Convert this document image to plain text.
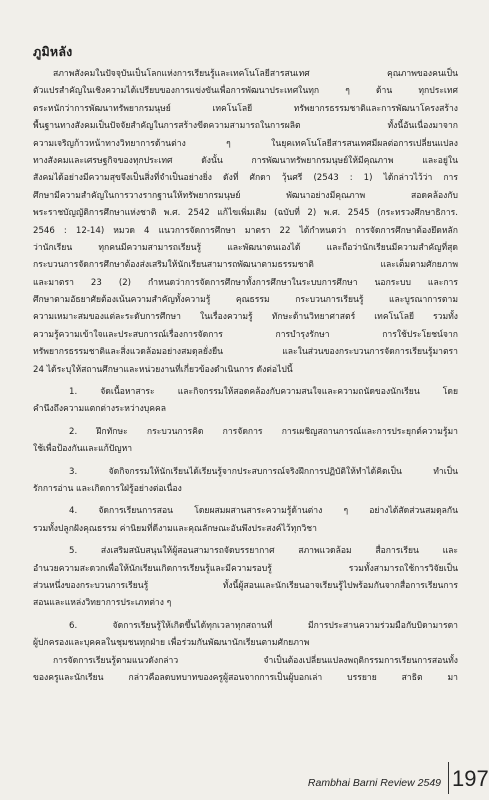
ภูมิหลัง
สภาพสังคมในปัจจุบันเป็นโลกแห่งการเรียนรู้และเทคโนโลยีสารสนเทศ คุณภาพของคนเป็น
ตัวแปรสำคัญในเชิงความได้เปรียบของการแข่งขันเพื่อการพัฒนาประเทศในทุก ๆ ด้าน ทุกประเทศ
ตระหนักว่าการพัฒนาทรัพยากรมนุษย์ เทคโนโลยี ทรัพยากรธรรมชาติและการพัฒนาโครงสร้าง
พื้นฐานทางสังคมเป็นปัจจัยสำคัญในการสร้างขีดความสามารถในการผลิต ทั้งนี้อันเนื่องมาจาก
ความเจริญก้าวหน้าทางวิทยาการด้านต่าง ๆ ในยุคเทคโนโลยีสารสนเทศมีผลต่อการเปลี่ยนแปลง
ทางสังคมและเศรษฐกิจของทุกประเทศ ดังนั้น การพัฒนาทรัพยากรมนุษย์ให้มีคุณภาพ และอยู่ใน
สังคมได้อย่างมีความสุขจึงเป็นสิ่งที่จำเป็นอย่างยิ่ง ดังที่ ศักดา วุ้นศรี (2543 : 1) ได้กล่าวไว้ว่า การ
ศึกษามีความสำคัญในการวางรากฐานให้ทรัพยากรมนุษย์ พัฒนาอย่างมีคุณภาพ สอดคล้องกับ
พระราชบัญญัติการศึกษาแห่งชาติ พ.ศ. 2542 แก้ไขเพิ่มเติม (ฉบับที่ 2) พ.ศ. 2545 (กระทรวงศึกษาธิการ.
2546 : 12-14) หมวด 4 แนวการจัดการศึกษา มาตรา 22 ได้กำหนดว่า การจัดการศึกษาต้องยึดหลัก
ว่านักเรียน ทุกคนมีความสามารถเรียนรู้ และพัฒนาตนเองได้ และถือว่านักเรียนมีความสำคัญที่สุด
กระบวนการจัดการศึกษาต้องส่งเสริมให้นักเรียนสามารถพัฒนาตามธรรมชาติ และเต็มตามศักยภาพ
และมาตรา 23 (2) กำหนดว่าการจัดการศึกษาทั้งการศึกษาในระบบการศึกษา นอกระบบ และการ
ศึกษาตามอัธยาศัยต้องเน้นความสำคัญทั้งความรู้ คุณธรรม กระบวนการเรียนรู้ และบูรณาการตาม
ความเหมาะสมของแต่ละระดับการศึกษา ในเรื่องความรู้ ทักษะด้านวิทยาศาสตร์ เทคโนโลยี รวมทั้ง
ความรู้ความเข้าใจและประสบการณ์เรื่องการจัดการ การบำรุงรักษา การใช้ประโยชน์จาก
ทรัพยากรธรรมชาติและสิ่งแวดล้อมอย่างสมดุลยั่งยืน และในส่วนของกระบวนการจัดการเรียนรู้มาตรา
24 ได้ระบุให้สถานศึกษาและหน่วยงานที่เกี่ยวข้องดำเนินการ ดังต่อไปนี้
1. จัดเนื้อหาสาระ และกิจกรรมให้สอดคล้องกับความสนใจและความถนัดของนักเรียน โดย
คำนึงถึงความแตกต่างระหว่างบุคคล
2. ฝึกทักษะ กระบวนการคิด การจัดการ การเผชิญสถานการณ์และการประยุกต์ความรู้มา
ใช้เพื่อป้องกันและแก้ปัญหา
3. จัดกิจกรรมให้นักเรียนได้เรียนรู้จากประสบการณ์จริงฝึกการปฏิบัติให้ทำได้คิดเป็น ทำเป็น
รักการอ่าน และเกิดการใฝ่รู้อย่างต่อเนื่อง
4. จัดการเรียนการสอน โดยผสมผสานสาระความรู้ด้านต่าง ๆ อย่างได้สัดส่วนสมดุลกัน
รวมทั้งปลูกฝังคุณธรรม ค่านิยมที่ดีงามและคุณลักษณะอันพึงประสงค์ไว้ทุกวิชา
5. ส่งเสริมสนับสนุนให้ผู้สอนสามารถจัดบรรยากาศ สภาพแวดล้อม สื่อการเรียน และ
อำนวยความสะดวกเพื่อให้นักเรียนเกิดการเรียนรู้และมีความรอบรู้ รวมทั้งสามารถใช้การวิจัยเป็น
ส่วนหนึ่งของกระบวนการเรียนรู้ ทั้งนี้ผู้สอนและนักเรียนอาจเรียนรู้ไปพร้อมกันจากสื่อการเรียนการ
สอนและแหล่งวิทยาการประเภทต่าง ๆ
6. จัดการเรียนรู้ให้เกิดขึ้นได้ทุกเวลาทุกสถานที่ มีการประสานความร่วมมือกับบิดามารดา
ผู้ปกครองและบุคคลในชุมชนทุกฝ่าย เพื่อร่วมกันพัฒนานักเรียนตามศักยภาพ
การจัดการเรียนรู้ตามแนวดังกล่าว จำเป็นต้องเปลี่ยนแปลงพฤติกรรมการเรียนการสอนทั้ง
ของครูและนักเรียน กล่าวคือลดบทบาทของครูผู้สอนจากการเป็นผู้บอกเล่า บรรยาย สาธิต มา
Rambhai Barni Review 2549 197
